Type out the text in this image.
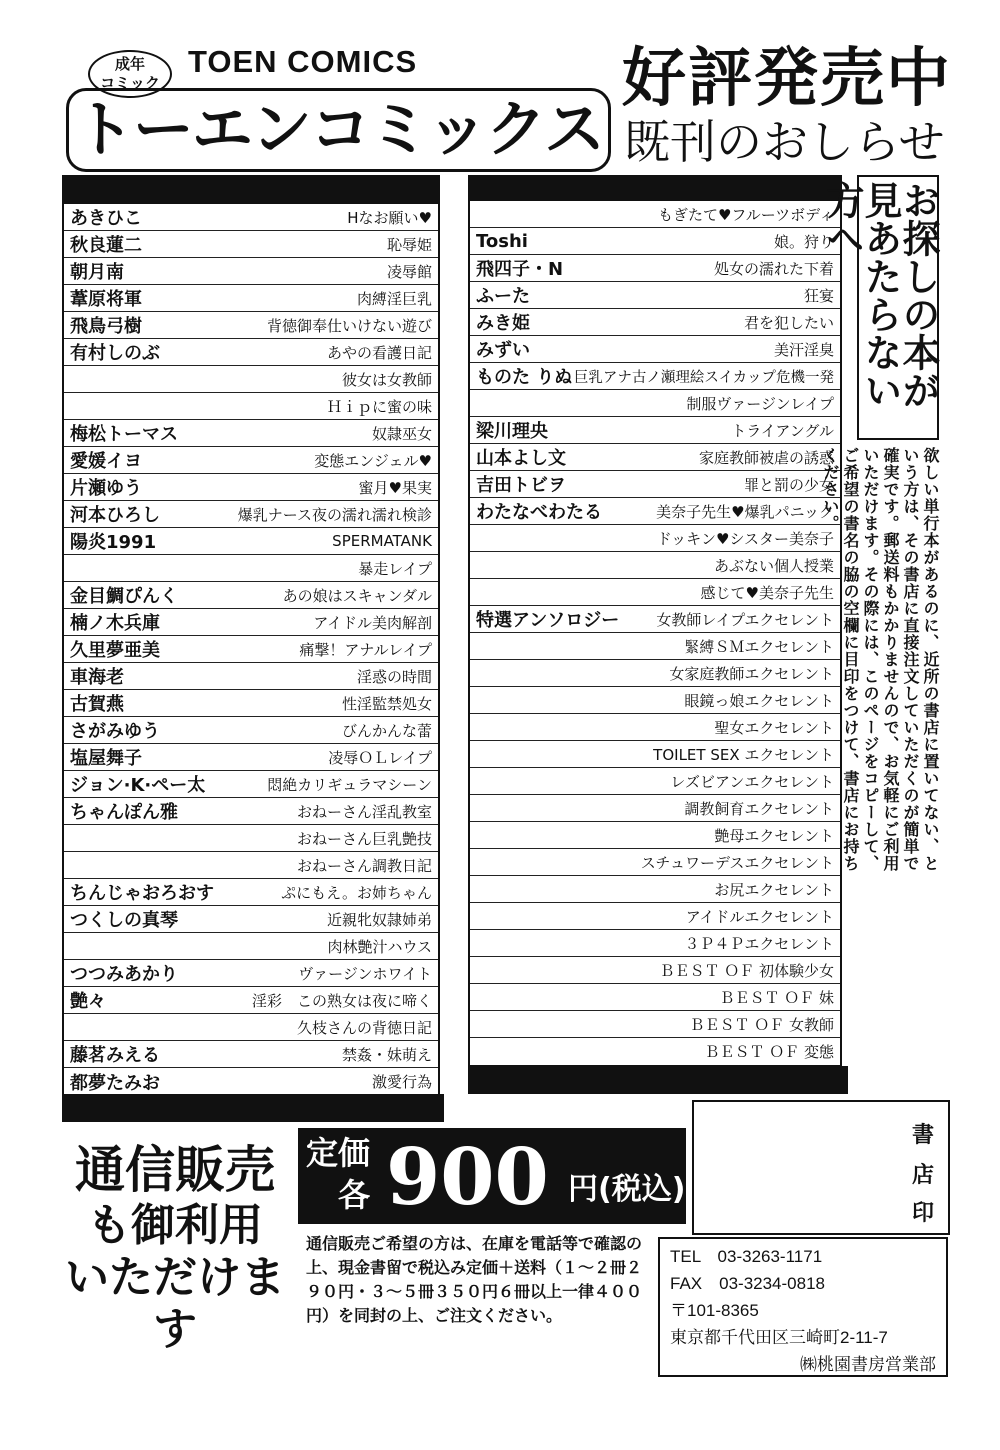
成年
コミック
TOEN COMICS
トーエンコミックス
好評発売中
既刊のおしらせ
あきひこ	Hなお願い♥
秋良蓮二	恥辱姫
朝月南	凌辱館
葦原将軍	肉縛淫巨乳
飛鳥弓樹	背徳御奉仕いけない遊び
有村しのぶ	あやの看護日記
彼女は女教師
Ｈｉｐに蜜の味
梅松トーマス	奴隷巫女
愛媛イヨ	変態エンジェル♥
片瀬ゆう	蜜月♥果実
河本ひろし	爆乳ナース夜の濡れ濡れ検診
陽炎1991	SPERMATANK
暴走レイプ
金目鯛ぴんく	あの娘はスキャンダル
楠ノ木兵庫	アイドル美肉解剖
久里夢亜美	痛撃！アナルレイプ
車海老	淫惑の時間
古賀燕	性淫監禁処女
さがみゆう	びんかんな蕾
塩屋舞子	凌辱ＯＬレイプ
ジョン·K·ペー太	悶絶カリギュラマシーン
ちゃんぽん雅	おねーさん淫乱教室
おねーさん巨乳艶技
おねーさん調教日記
ちんじゃおろおす	ぷにもえ。お姉ちゃん
つくしの真琴	近親牝奴隷姉弟
肉林艶汁ハウス
つつみあかり	ヴァージンホワイト
艶々	淫彩　この熟女は夜に啼く
久枝さんの背徳日記
藤茗みえる	禁姦・妹萌え
都夢たみお	激愛行為
もぎたて♥フルーツボディ
Toshi	娘。狩り
飛四子・N	処女の濡れた下着
ふーた	狂宴
みき姫	君を犯したい
みずい	美汗淫臭
ものた りぬ 巨乳アナ古ノ瀬理絵スイカップ危機一発
制服ヴァージンレイプ
梁川理央	トライアングル
山本よし文	家庭教師被虐の誘惑
吉田トビヲ	罪と罰の少女
わたなべわたる	美奈子先生♥爆乳パニック
ドッキン♥シスター美奈子
あぶない個人授業
感じて♥美奈子先生
特選アンソロジー 女教師レイプエクセレント
緊縛ＳＭエクセレント
女家庭教師エクセレント
眼鏡っ娘エクセレント
聖女エクセレント
TOILET SEX エクセレント
レズビアンエクセレント
調教飼育エクセレント
艶母エクセレント
スチュワーデスエクセレント
お尻エクセレント
アイドルエクセレント
３Ｐ４Ｐエクセレント
ＢＥＳＴ ＯＦ 初体験少女
ＢＥＳＴ ＯＦ 妹
ＢＥＳＴ ＯＦ 女教師
ＢＥＳＴ ＯＦ 変態
お探しの本が見あたらない方へ
欲しい単行本があるのに、近所の書店に置いてない、という方は、その書店に直接注文していただくのが簡単で確実です。郵送料もかかりませんので、お気軽にご利用いただけます。その際には、このページをコピーして、ご希望の書名の脇の空欄に目印をつけて、書店にお持ちください。
通信販売
も御利用
いただけます
定価
各 900 円(税込)
通信販売ご希望の方は、在庫を電話等で確認の上、現金書留で税込み定価＋送料（１～２冊２９０円・３～５冊３５０円６冊以上一律４００円）を同封の上、ご注文ください。
書
店
印
TEL　03-3263-1171
FAX　03-3234-0818
〒101-8365
東京都千代田区三崎町2-11-7
㈱桃園書房営業部
